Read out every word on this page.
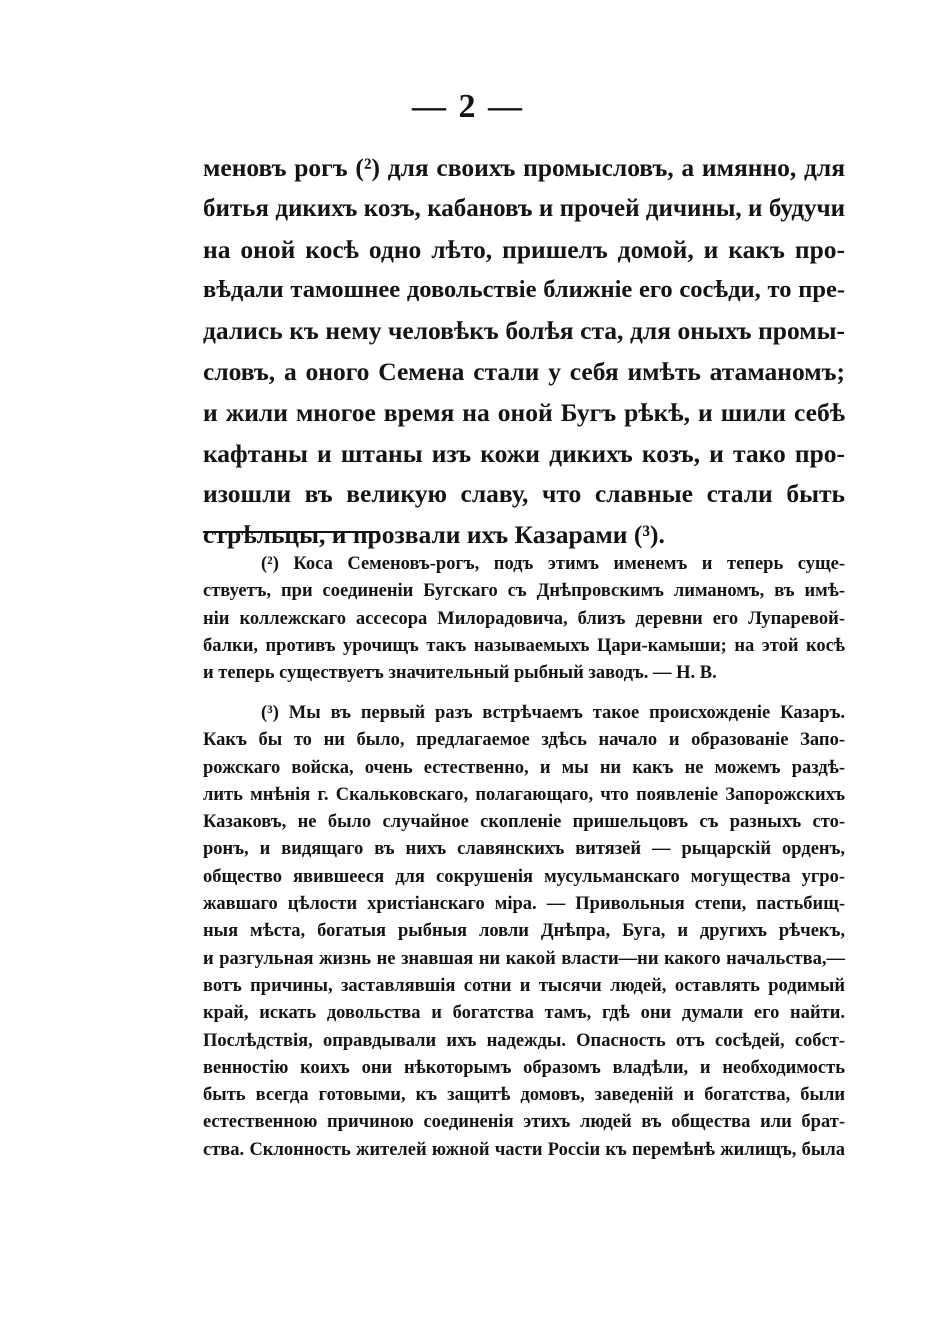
— 2 —
меновъ рогъ (²) для своихъ промысловъ, а имянно, для
битья дикихъ козъ, кабановъ и прочей дичины, и будучи
на оной косѣ одно лѣто, пришелъ домой, и какъ про-
вѣдали тамошнее довольствіе ближніе его сосѣди, то пре-
дались къ нему человѣкъ болѣя ста, для оныхъ промы-
словъ, а оного Семена стали у себя имѣть атаманомъ;
и жили многое время на оной Бугъ рѣкѣ, и шили себѣ
кафтаны и штаны изъ кожи дикихъ козъ, и тако про-
изошли въ великую славу, что славные стали быть
стрѣльцы, и прозвали ихъ Казарами (³).
(²) Коса Семеновъ-рогъ, подъ этимъ именемъ и теперь суще-
ствуетъ, при соединеніи Бугскаго съ Днѣпровскимъ лиманомъ, въ имѣ-
ніи коллежскаго ассесора Милорадовича, близъ деревни его Лупаревой-
балки, противъ урочищъ такъ называемыхъ Цари-камыши; на этой косѣ
и теперь существуетъ значительный рыбный заводъ. — Н. В.
(³) Мы въ первый разъ встрѣчаемъ такое происхожденіе Казаръ.
Какъ бы то ни было, предлагаемое здѣсь начало и образованіе Запо-
рожскаго войска, очень естественно, и мы ни какъ не можемъ раздѣ-
лить мнѣнія г. Скальковскаго, полагающаго, что появленіе Запорожскихъ
Казаковъ, не было случайное скопленіе пришельцовъ съ разныхъ сто-
ронъ, и видящаго въ нихъ славянскихъ витязей — рыцарскій орденъ,
общество явившееся для сокрушенія мусульманскаго могущества угро-
жавшаго цѣлости христіанскаго міра. — Привольныя степи, пастьбищ-
ныя мѣста, богатыя рыбныя ловли Днѣпра, Буга, и другихъ рѣчекъ,
и разгульная жизнь не знавшая ни какой власти—ни какого начальства,—
вотъ причины, заставлявшія сотни и тысячи людей, оставлять родимый
край, искать довольства и богатства тамъ, гдѣ они думали его найти.
Послѣдствія, оправдывали ихъ надежды. Опасность отъ сосѣдей, собст-
венностію коихъ они нѣкоторымъ образомъ владѣли, и необходимость
быть всегда готовыми, къ защитѣ домовъ, заведеній и богатства, были
естественною причиною соединенія этихъ людей въ общества или брат-
ства. Склонность жителей южной части Россіи къ перемѣнѣ жилищъ, была
